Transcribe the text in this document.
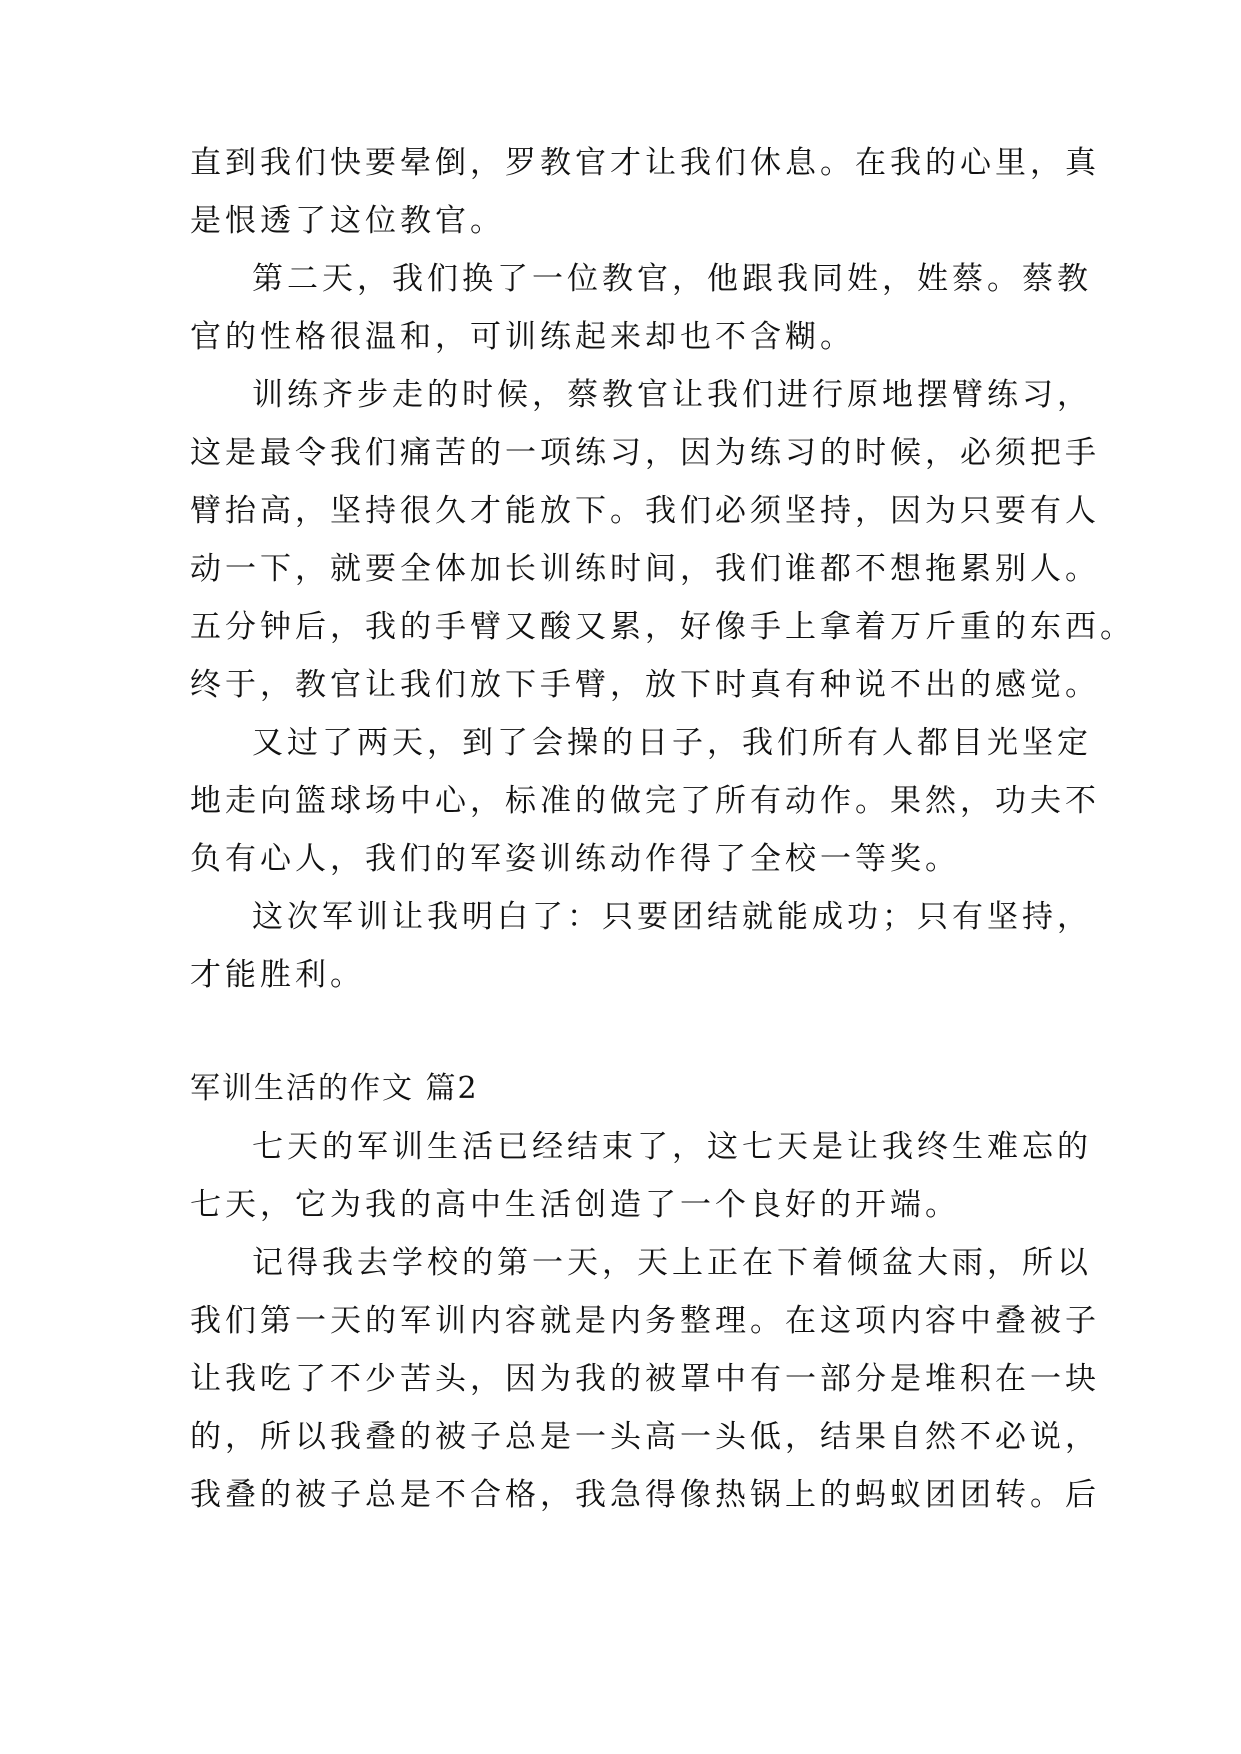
直到我们快要晕倒，罗教官才让我们休息。在我的心里，真
是恨透了这位教官。
第二天，我们换了一位教官，他跟我同姓，姓蔡。蔡教
官的性格很温和，可训练起来却也不含糊。
训练齐步走的时候，蔡教官让我们进行原地摆臂练习，
这是最令我们痛苦的一项练习，因为练习的时候，必须把手
臂抬高，坚持很久才能放下。我们必须坚持，因为只要有人
动一下，就要全体加长训练时间，我们谁都不想拖累别人。
五分钟后，我的手臂又酸又累，好像手上拿着万斤重的东西。
终于，教官让我们放下手臂，放下时真有种说不出的感觉。
又过了两天，到了会操的日子，我们所有人都目光坚定
地走向篮球场中心，标准的做完了所有动作。果然，功夫不
负有心人，我们的军姿训练动作得了全校一等奖。
这次军训让我明白了：只要团结就能成功；只有坚持，
才能胜利。
军训生活的作文 篇2
七天的军训生活已经结束了，这七天是让我终生难忘的
七天，它为我的高中生活创造了一个良好的开端。
记得我去学校的第一天，天上正在下着倾盆大雨，所以
我们第一天的军训内容就是内务整理。在这项内容中叠被子
让我吃了不少苦头，因为我的被罩中有一部分是堆积在一块
的，所以我叠的被子总是一头高一头低，结果自然不必说，
我叠的被子总是不合格，我急得像热锅上的蚂蚁团团转。后
